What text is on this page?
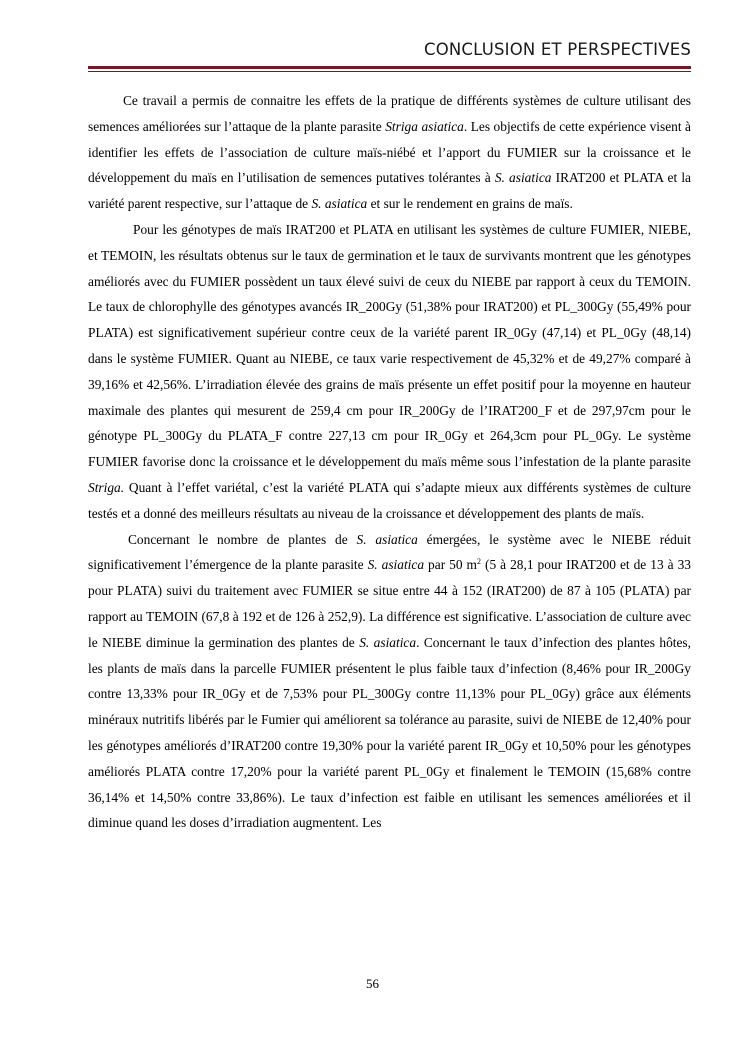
CONCLUSION ET PERSPECTIVES

Ce travail a permis de connaitre les effets de la pratique de différents systèmes de culture utilisant des semences améliorées sur l’attaque de la plante parasite Striga asiatica. Les objectifs de cette expérience visent à identifier les effets de l’association de culture maïs-niébé et l’apport du FUMIER sur la croissance et le développement du maïs en l’utilisation de semences putatives tolérantes à S. asiatica IRAT200 et PLATA et la variété parent respective, sur l’attaque de S. asiatica et sur le rendement en grains de maïs.

Pour les génotypes de maïs IRAT200 et PLATA en utilisant les systèmes de culture FUMIER, NIEBE, et TEMOIN, les résultats obtenus sur le taux de germination et le taux de survivants montrent que les génotypes améliorés avec du FUMIER possèdent un taux élevé suivi de ceux du NIEBE par rapport à ceux du TEMOIN. Le taux de chlorophylle des génotypes avancés IR_200Gy (51,38% pour IRAT200) et PL_300Gy (55,49% pour PLATA) est significativement supérieur contre ceux de la variété parent IR_0Gy (47,14) et PL_0Gy (48,14) dans le système FUMIER. Quant au NIEBE, ce taux varie respectivement de 45,32% et de 49,27% comparé à 39,16% et 42,56%. L’irradiation élevée des grains de maïs présente un effet positif pour la moyenne en hauteur maximale des plantes qui mesurent de 259,4 cm pour IR_200Gy de l’IRAT200_F et de 297,97cm pour le génotype PL_300Gy du PLATA_F contre 227,13 cm pour IR_0Gy et 264,3cm pour PL_0Gy. Le système FUMIER favorise donc la croissance et le développement du maïs même sous l’infestation de la plante parasite Striga. Quant à l’effet variétal, c’est la variété PLATA qui s’adapte mieux aux différents systèmes de culture testés et a donné des meilleurs résultats au niveau de la croissance et développement des plants de maïs.

Concernant le nombre de plantes de S. asiatica émergées, le système avec le NIEBE réduit significativement l’émergence de la plante parasite S. asiatica par 50 $m^2$ (5 à 28,1 pour IRAT200 et de 13 à 33 pour PLATA) suivi du traitement avec FUMIER se situe entre 44 à 152 (IRAT200) de 87 à 105 (PLATA) par rapport au TEMOIN (67,8 à 192 et de 126 à 252,9). La différence est significative. L’association de culture avec le NIEBE diminue la germination des plantes de S. asiatica. Concernant le taux d’infection des plantes hôtes, les plants de maïs dans la parcelle FUMIER présentent le plus faible taux d’infection (8,46% pour IR_200Gy contre 13,33% pour IR_0Gy et de 7,53% pour PL_300Gy contre 11,13% pour PL_0Gy) grâce aux éléments minéraux nutritifs libérés par le Fumier qui améliorent sa tolérance au parasite, suivi de NIEBE de 12,40% pour les génotypes améliorés d’IRAT200 contre 19,30% pour la variété parent IR_0Gy et 10,50% pour les génotypes améliorés PLATA contre 17,20% pour la variété parent PL_0Gy et finalement le TEMOIN (15,68% contre 36,14% et 14,50% contre 33,86%). Le taux d’infection est faible en utilisant les semences améliorées et il diminue quand les doses d’irradiation augmentent. Les

56
